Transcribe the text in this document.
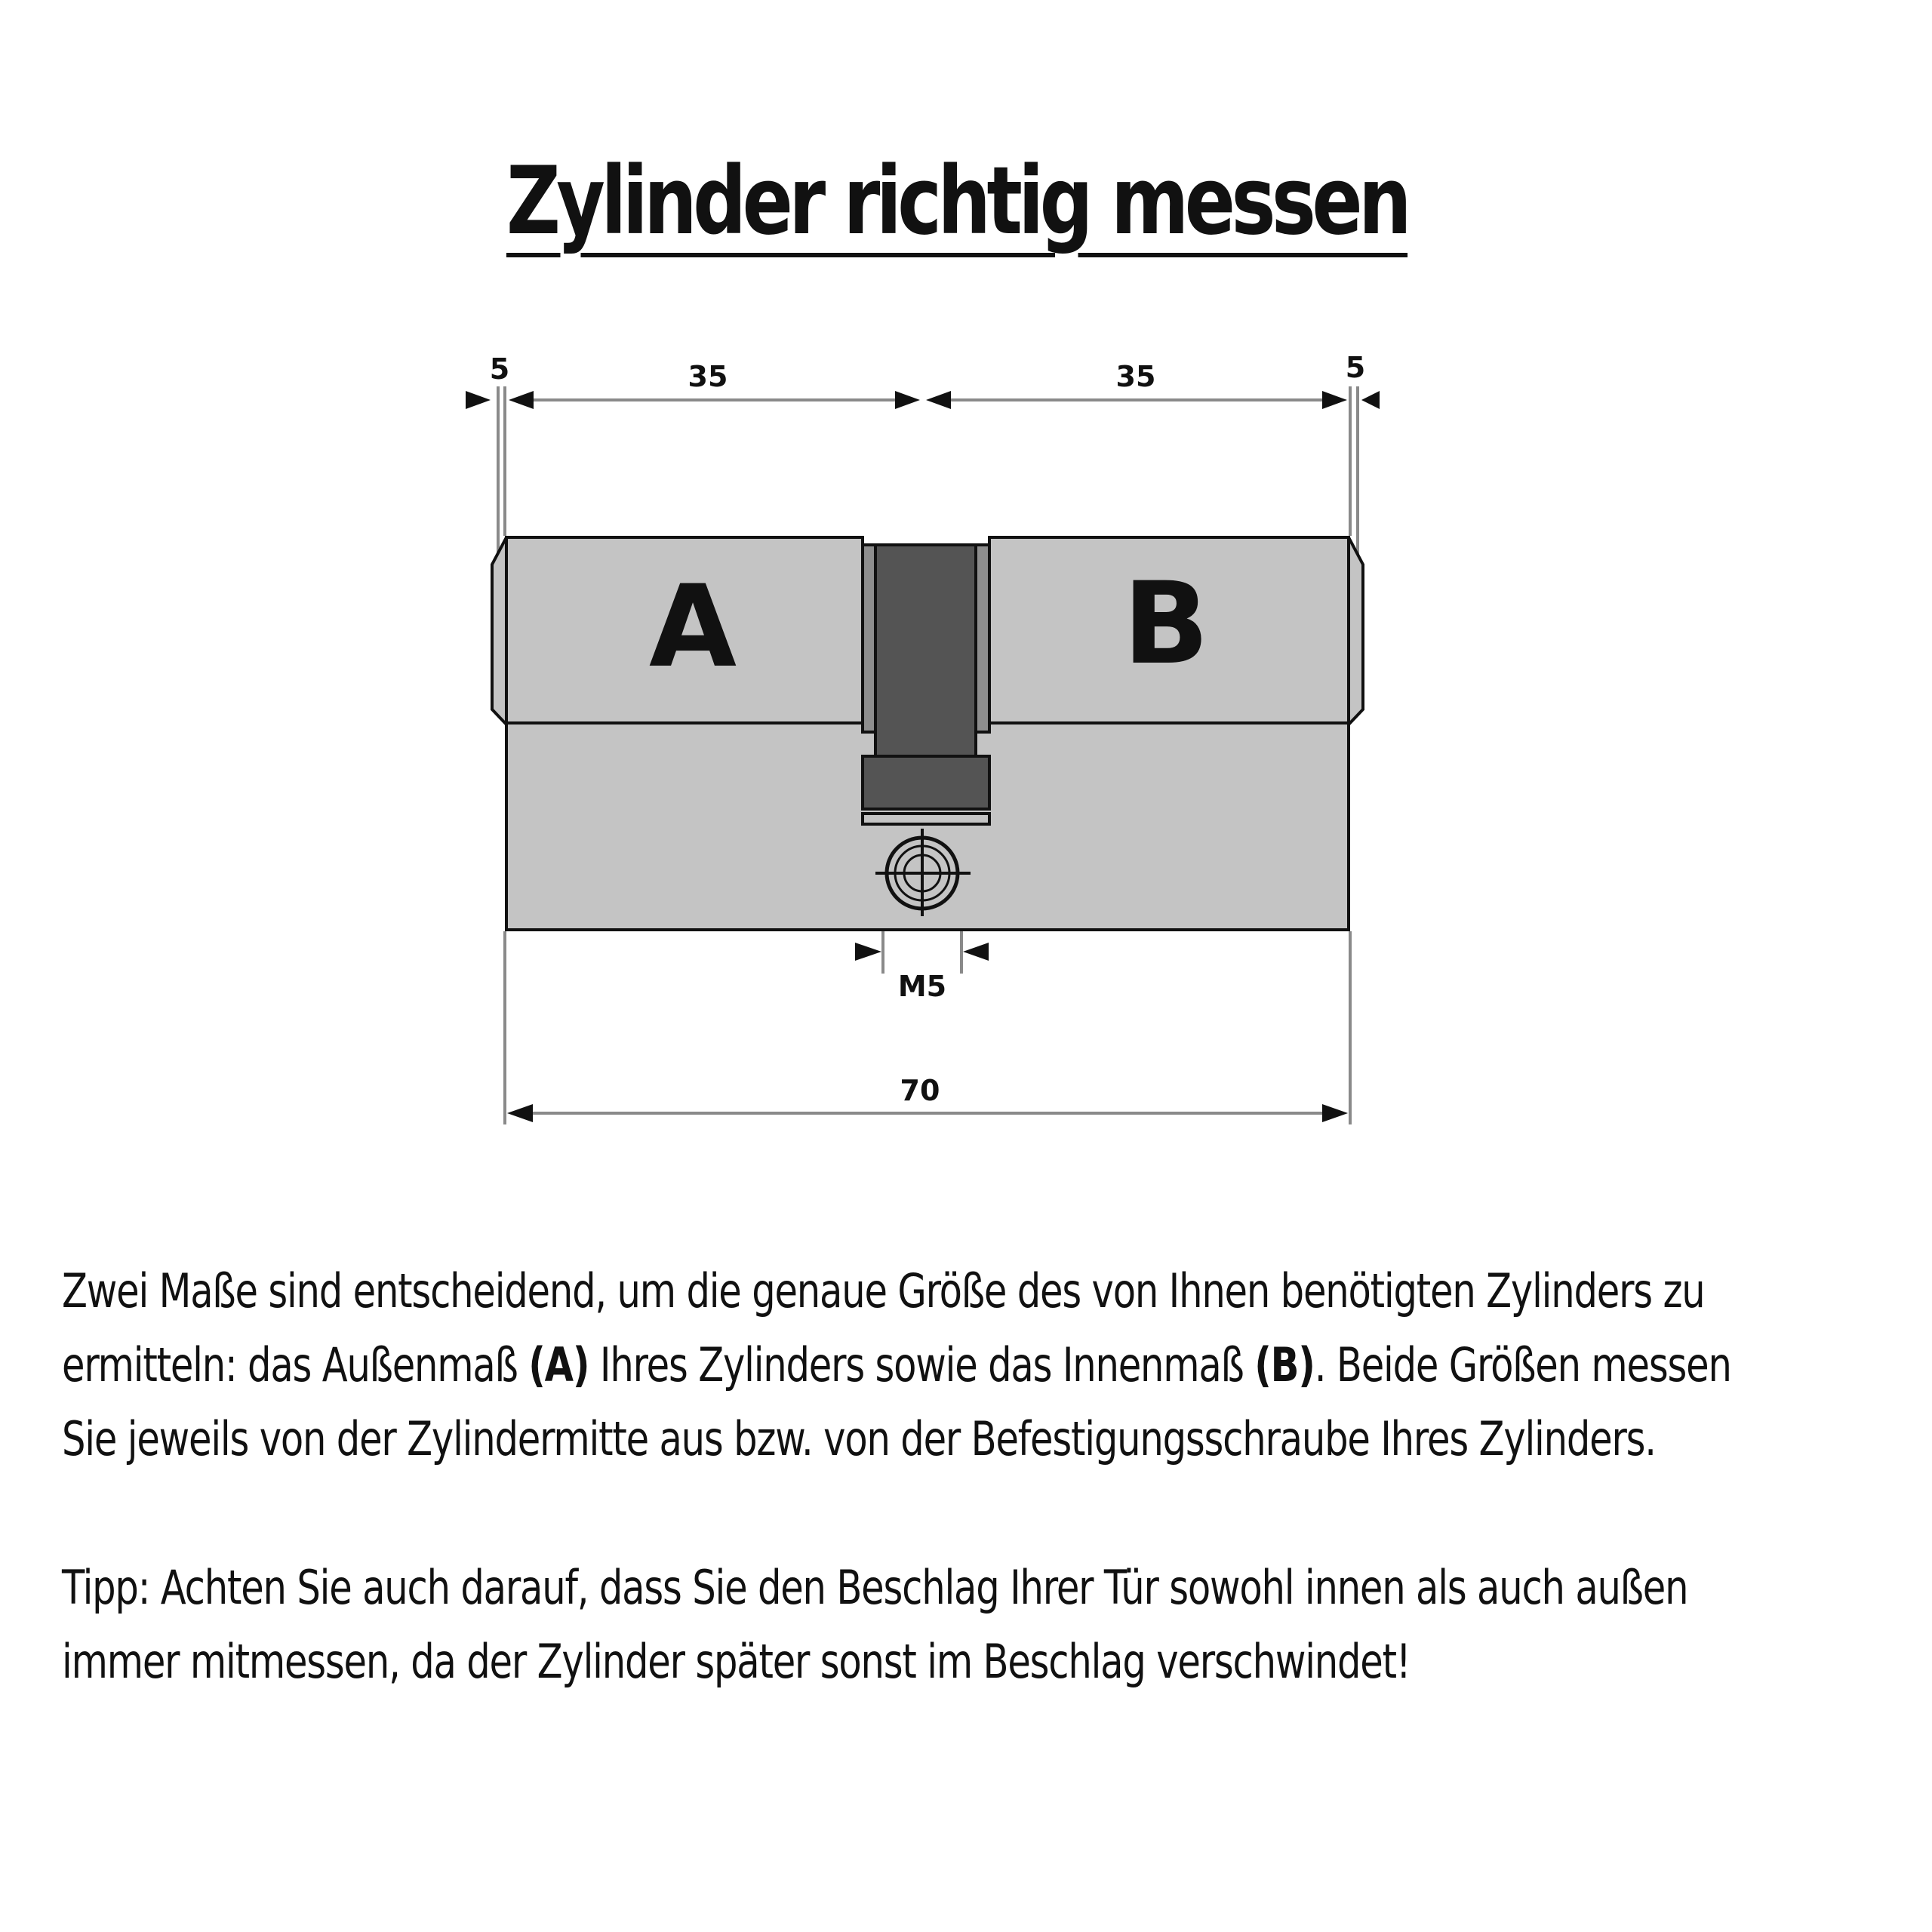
Zylinder richtig messen
5	35	35	5
A	B
M5
70
Zwei Maße sind entscheidend, um die genaue Größe des von Ihnen benötigten Zylinders zu
ermitteln: das Außenmaß (A) Ihres Zylinders sowie das Innenmaß (B). Beide Größen messen
Sie jeweils von der Zylindermitte aus bzw. von der Befestigungsschraube Ihres Zylinders.
Tipp: Achten Sie auch darauf, dass Sie den Beschlag Ihrer Tür sowohl innen als auch außen
immer mitmessen, da der Zylinder später sonst im Beschlag verschwindet!
